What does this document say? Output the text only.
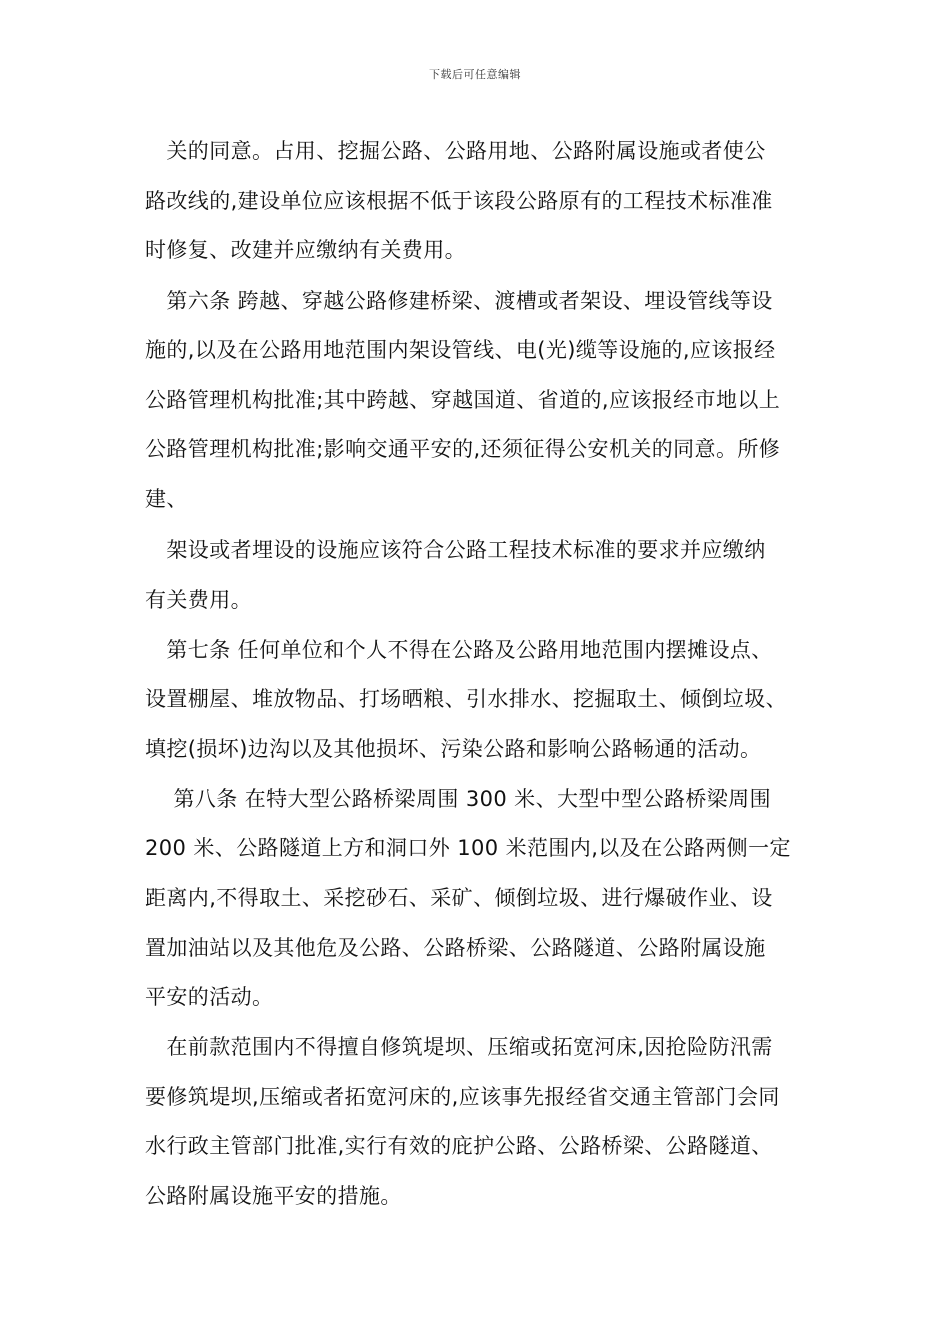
下载后可任意编辑
　关的同意。占用、挖掘公路、公路用地、公路附属设施或者使公
路改线的,建设单位应该根据不低于该段公路原有的工程技术标准准
时修复、改建并应缴纳有关费用。
　第六条 跨越、穿越公路修建桥梁、渡槽或者架设、埋设管线等设
施的,以及在公路用地范围内架设管线、电(光)缆等设施的,应该报经
公路管理机构批准;其中跨越、穿越国道、省道的,应该报经市地以上
公路管理机构批准;影响交通平安的,还须征得公安机关的同意。所修
建、
　架设或者埋设的设施应该符合公路工程技术标准的要求并应缴纳
有关费用。
　第七条 任何单位和个人不得在公路及公路用地范围内摆摊设点、
设置棚屋、堆放物品、打场晒粮、引水排水、挖掘取土、倾倒垃圾、
填挖(损坏)边沟以及其他损坏、污染公路和影响公路畅通的活动。
　 第八条 在特大型公路桥梁周围 300 米、大型中型公路桥梁周围
200 米、公路隧道上方和洞口外 100 米范围内,以及在公路两侧一定
距离内,不得取土、采挖砂石、采矿、倾倒垃圾、进行爆破作业、设
置加油站以及其他危及公路、公路桥梁、公路隧道、公路附属设施
平安的活动。
　在前款范围内不得擅自修筑堤坝、压缩或拓宽河床,因抢险防汛需
要修筑堤坝,压缩或者拓宽河床的,应该事先报经省交通主管部门会同
水行政主管部门批准,实行有效的庇护公路、公路桥梁、公路隧道、
公路附属设施平安的措施。
